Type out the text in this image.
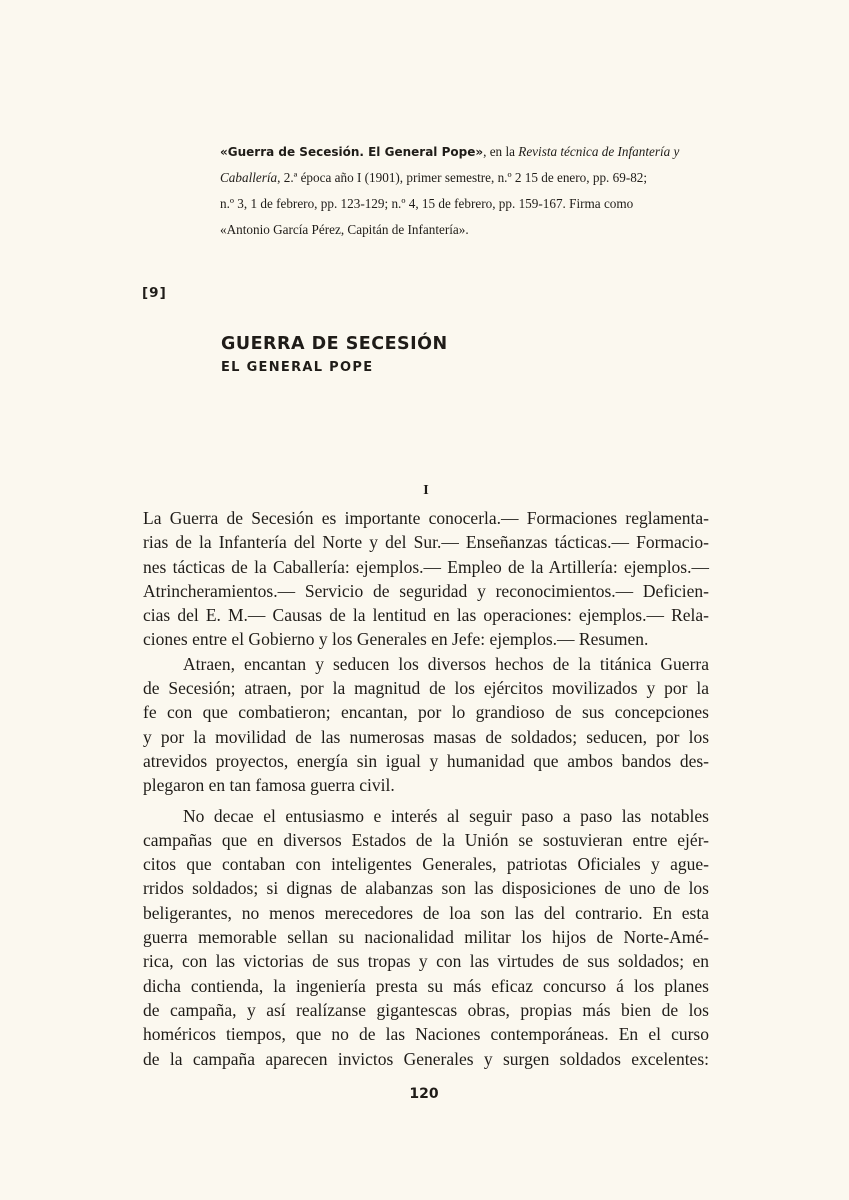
«Guerra de Secesión. El General Pope», en la Revista técnica de Infantería y
Caballería, 2.ª época año I (1901), primer semestre, n.º 2 15 de enero, pp. 69-82;
n.º 3, 1 de febrero, pp. 123-129; n.º 4, 15 de febrero, pp. 159-167. Firma como
«Antonio García Pérez, Capitán de Infantería».
[9]
GUERRA DE SECESIÓN
EL GENERAL POPE
I
La Guerra de Secesión es importante conocerla.— Formaciones reglamenta-
rias de la Infantería del Norte y del Sur.— Enseñanzas tácticas.— Formacio-
nes tácticas de la Caballería: ejemplos.— Empleo de la Artillería: ejemplos.—
Atrincheramientos.— Servicio de seguridad y reconocimientos.— Deficien-
cias del E. M.— Causas de la lentitud en las operaciones: ejemplos.— Rela-
ciones entre el Gobierno y los Generales en Jefe: ejemplos.— Resumen.
Atraen, encantan y seducen los diversos hechos de la titánica Guerra
de Secesión; atraen, por la magnitud de los ejércitos movilizados y por la
fe con que combatieron; encantan, por lo grandioso de sus concepciones
y por la movilidad de las numerosas masas de soldados; seducen, por los
atrevidos proyectos, energía sin igual y humanidad que ambos bandos des-
plegaron en tan famosa guerra civil.
No decae el entusiasmo e interés al seguir paso a paso las notables
campañas que en diversos Estados de la Unión se sostuvieran entre ejér-
citos que contaban con inteligentes Generales, patriotas Oficiales y ague-
rridos soldados; si dignas de alabanzas son las disposiciones de uno de los
beligerantes, no menos merecedores de loa son las del contrario. En esta
guerra memorable sellan su nacionalidad militar los hijos de Norte-Amé-
rica, con las victorias de sus tropas y con las virtudes de sus soldados; en
dicha contienda, la ingeniería presta su más eficaz concurso á los planes
de campaña, y así realízanse gigantescas obras, propias más bien de los
homéricos tiempos, que no de las Naciones contemporáneas. En el curso
de la campaña aparecen invictos Generales y surgen soldados excelentes:
120
